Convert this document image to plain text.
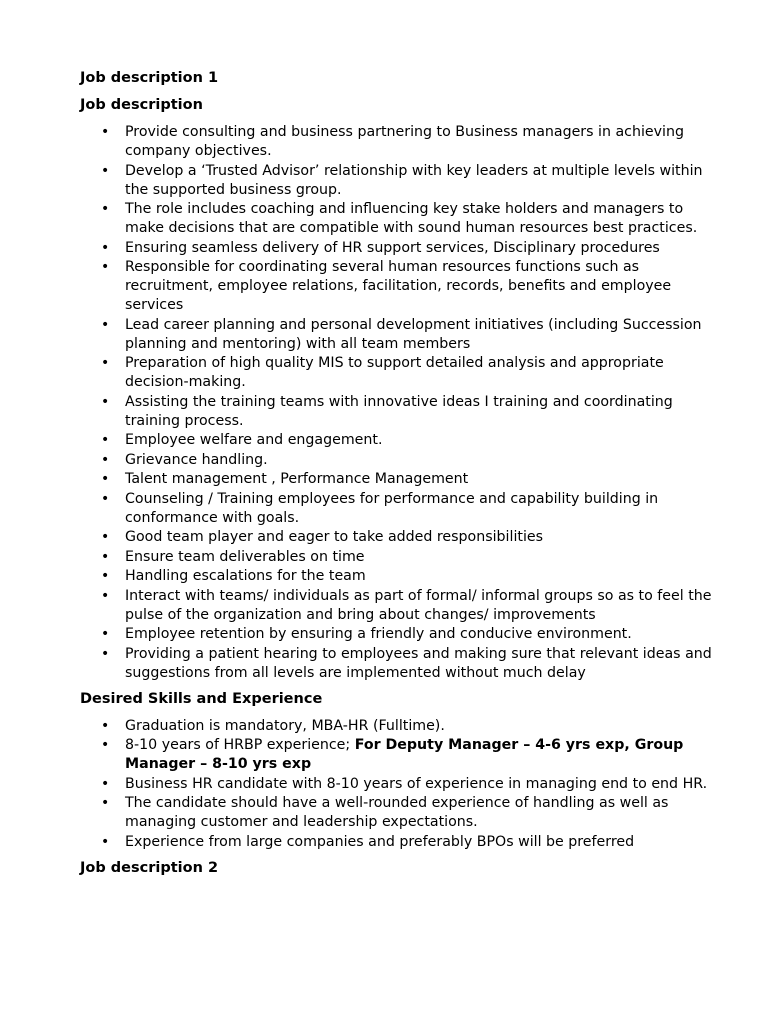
Job description 1
Job description
• Provide consulting and business partnering to Business managers in achieving company objectives.
• Develop a ‘Trusted Advisor’ relationship with key leaders at multiple levels within the supported business group.
• The role includes coaching and influencing key stake holders and managers to make decisions that are compatible with sound human resources best practices.
• Ensuring seamless delivery of HR support services, Disciplinary procedures
• Responsible for coordinating several human resources functions such as recruitment, employee relations, facilitation, records, benefits and employee services
• Lead career planning and personal development initiatives (including Succession planning and mentoring) with all team members
• Preparation of high quality MIS to support detailed analysis and appropriate decision-making.
• Assisting the training teams with innovative ideas I training and coordinating training process.
• Employee welfare and engagement.
• Grievance handling.
• Talent management , Performance Management
• Counseling / Training employees for performance and capability building in conformance with goals.
• Good team player and eager to take added responsibilities
• Ensure team deliverables on time
• Handling escalations for the team
• Interact with teams/ individuals as part of formal/ informal groups so as to feel the pulse of the organization and bring about changes/ improvements
• Employee retention by ensuring a friendly and conducive environment.
• Providing a patient hearing to employees and making sure that relevant ideas and suggestions from all levels are implemented without much delay
Desired Skills and Experience
• Graduation is mandatory, MBA-HR (Fulltime).
• 8-10 years of HRBP experience; For Deputy Manager – 4-6 yrs exp, Group Manager – 8-10 yrs exp
• Business HR candidate with 8-10 years of experience in managing end to end HR.
• The candidate should have a well-rounded experience of handling as well as managing customer and leadership expectations.
• Experience from large companies and preferably BPOs will be preferred
Job description 2
